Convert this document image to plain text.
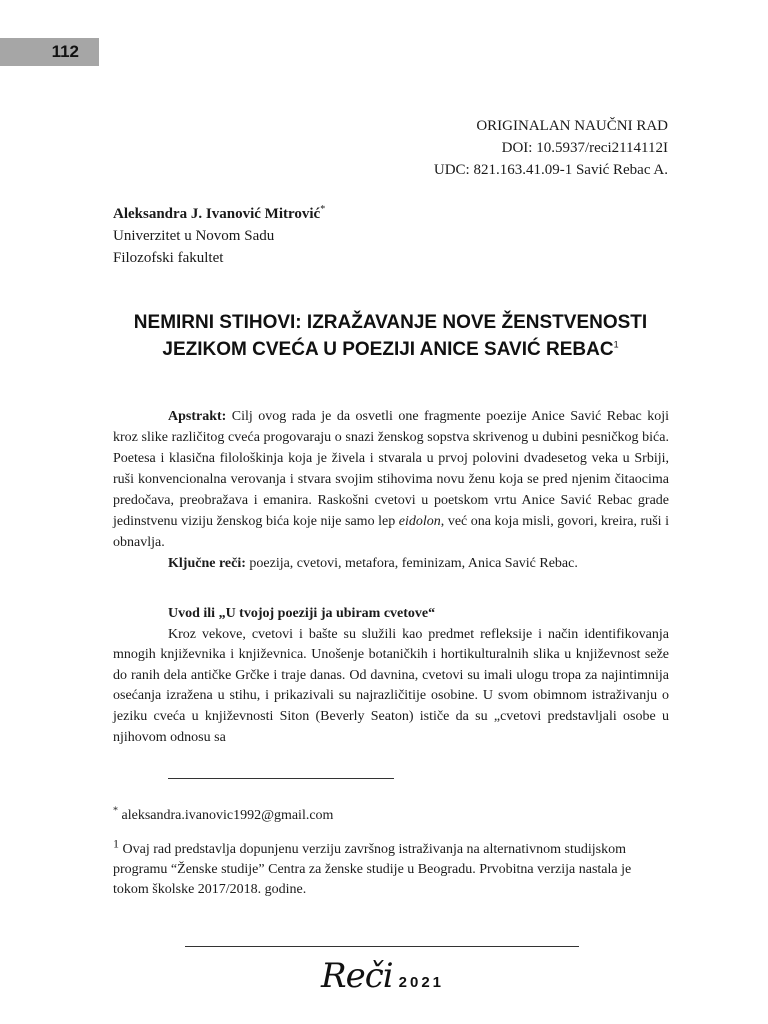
112
ORIGINALAN NAUČNI RAD
DOI: 10.5937/reci2114112I
UDC: 821.163.41.09-1 Savić Rebac A.
Aleksandra J. Ivanović Mitrović*
Univerzitet u Novom Sadu
Filozofski fakultet
NEMIRNI STIHOVI: IZRAŽAVANJE NOVE ŽENSTVENOSTI JEZIKOM CVEĆA U POEZIJI ANICE SAVIĆ REBAC$^1$

Apstrakt: Cilj ovog rada je da osvetli one fragmente poezije Anice Savić Rebac koji kroz slike različitog cveća progovaraju o snazi ženskog sopstva skrivenog u dubini pesničkog bića. Poetesa i klasična filološkinja koja je živela i stvarala u prvoj polovini dvadesetog veka u Srbiji, ruši konvencionalna verovanja i stvara svojim stihovima novu ženu koja se pred njenim čitaocima predočava, preobražava i emanira. Raskošni cvetovi u poetskom vrtu Anice Savić Rebac grade jedinstvenu viziju ženskog bića koje nije samo lep eidolon, već ona koja misli, govori, kreira, ruši i obnavlja.

Ključne reči: poezija, cvetovi, metafora, feminizam, Anica Savić Rebac.

Uvod ili „U tvojoj poeziji ja ubiram cvetove“

Kroz vekove, cvetovi i bašte su služili kao predmet refleksije i način identifikovanja mnogih književnika i književnica. Unošenje botaničkih i hortikulturalnih slika u književnost seže do ranih dela antičke Grčke i traje danas. Od davnina, cvetovi su imali ulogu tropa za najintimnija osećanja izražena u stihu, i prikazivali su najrazličitije osobine. U svom obimnom istraživanju o jeziku cveća u književnosti Siton (Beverly Seaton) ističe da su „cvetovi predstavljali osobe u njihovom odnosu sa

* aleksandra.ivanovic1992@gmail.com

1 Ovaj rad predstavlja dopunjenu verziju završnog istraživanja na alternativnom studijskom programu “Ženske studije” Centra za ženske studije u Beogradu. Prvobitna verzija nastala je tokom školske 2017/2018. godine.

Reči 2021
